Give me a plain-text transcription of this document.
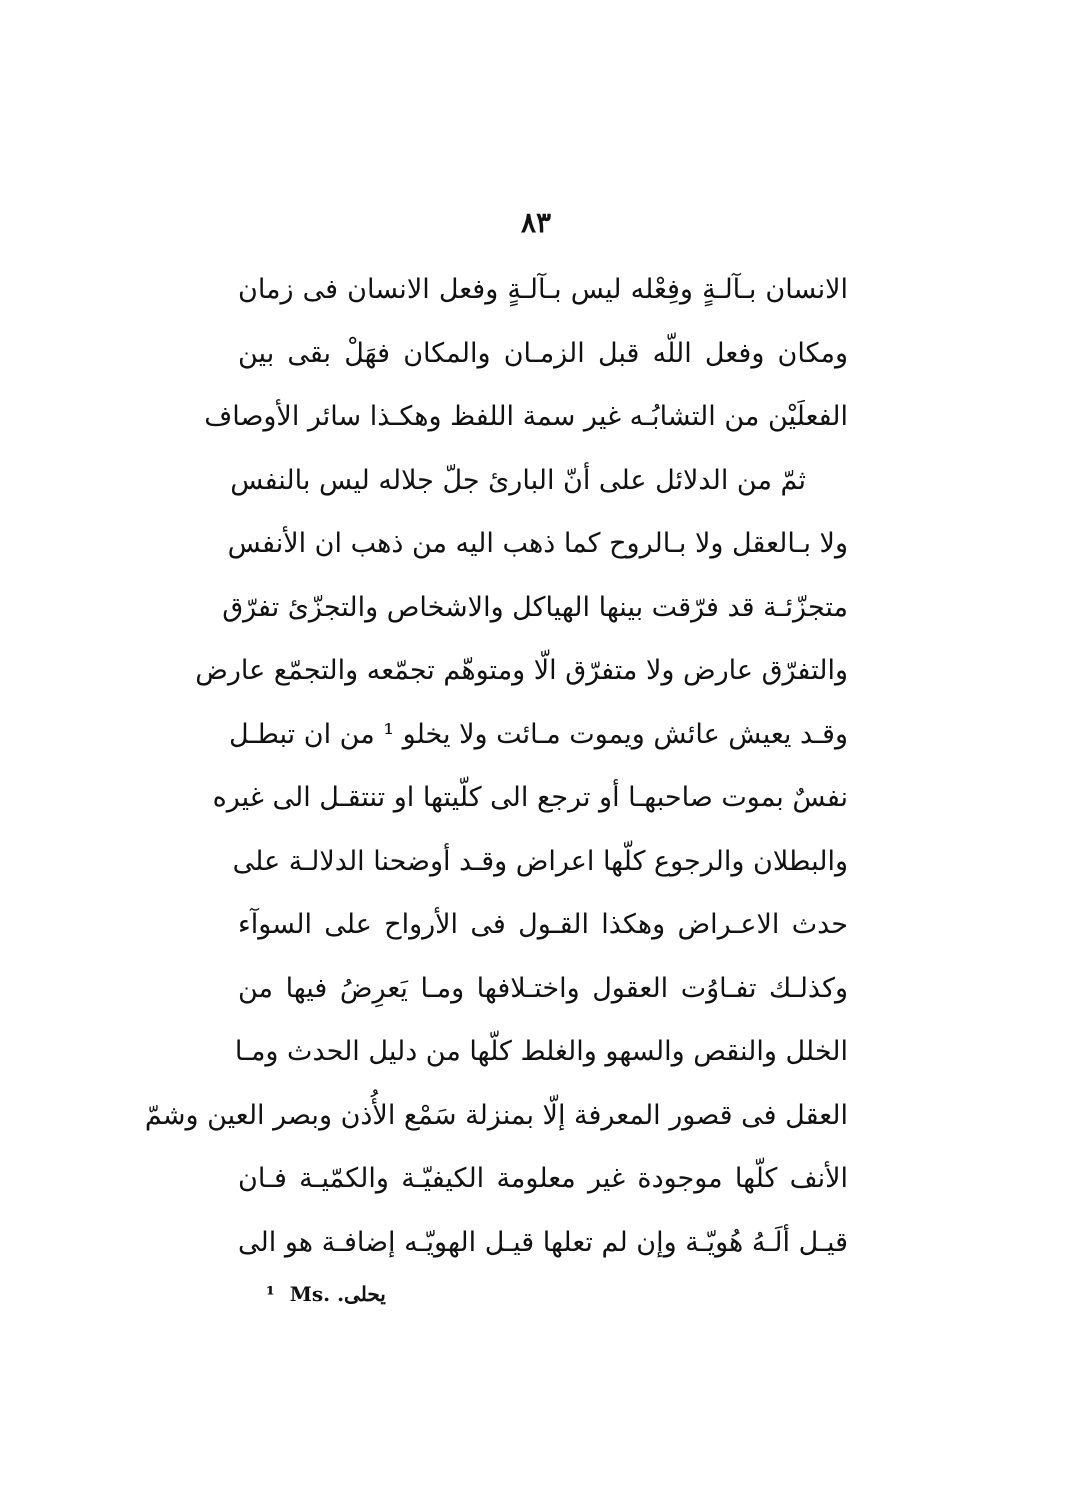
٨٣
الانسان بـآلـةٍ وفِعْله ليس بـآلـةٍ وفعل الانسان فى زمان
ومكان وفعل اللّه قبل الزمـان والمكان فهَلْ بقى بين
الفعلَيْن من التشابُـه غير سمة اللفظ وهكـذا سائر الأوصاف
ثمّ من الدلائل على أنّ البارئ جلّ جلاله ليس بالنفس
ولا بـالعقل ولا بـالروح كما ذهب اليه من ذهب ان الأنفس
متجزّئـة قد فرّقت بينها الهياكل والاشخاص والتجزّئ تفرّق
والتفرّق عارض ولا متفرّق الّا ومتوهّم تجمّعه والتجمّع عارض
وقـد يعيش عائش ويموت مـائت ولا يخلو ¹ من ان تبطـل
نفسٌ بموت صاحبهـا أو ترجع الى كلّيتها او تنتقـل الى غيره
والبطلان والرجوع كلّها اعراض وقـد أوضحنا الدلالـة على
حدث الاعـراض وهكذا القـول فى الأرواح على السوآء
وكذلـك تفـاوُت العقول واختـلافها ومـا يَعرِضُ فيها من
الخلل والنقص والسهو والغلط كلّها من دليل الحدث ومـا
العقل فى قصور المعرفة إلّا بمنزلة سَمْع الأُذن وبصر العين وشمّ
الأنف كلّها موجودة غير معلومة الكيفيّـة والكمّيـة فـان
قيـل ألَـهُ هُويّـة وإن لم تعلها قيـل الهويّـه إضافـة هو الى
¹ Ms. يحلى.
